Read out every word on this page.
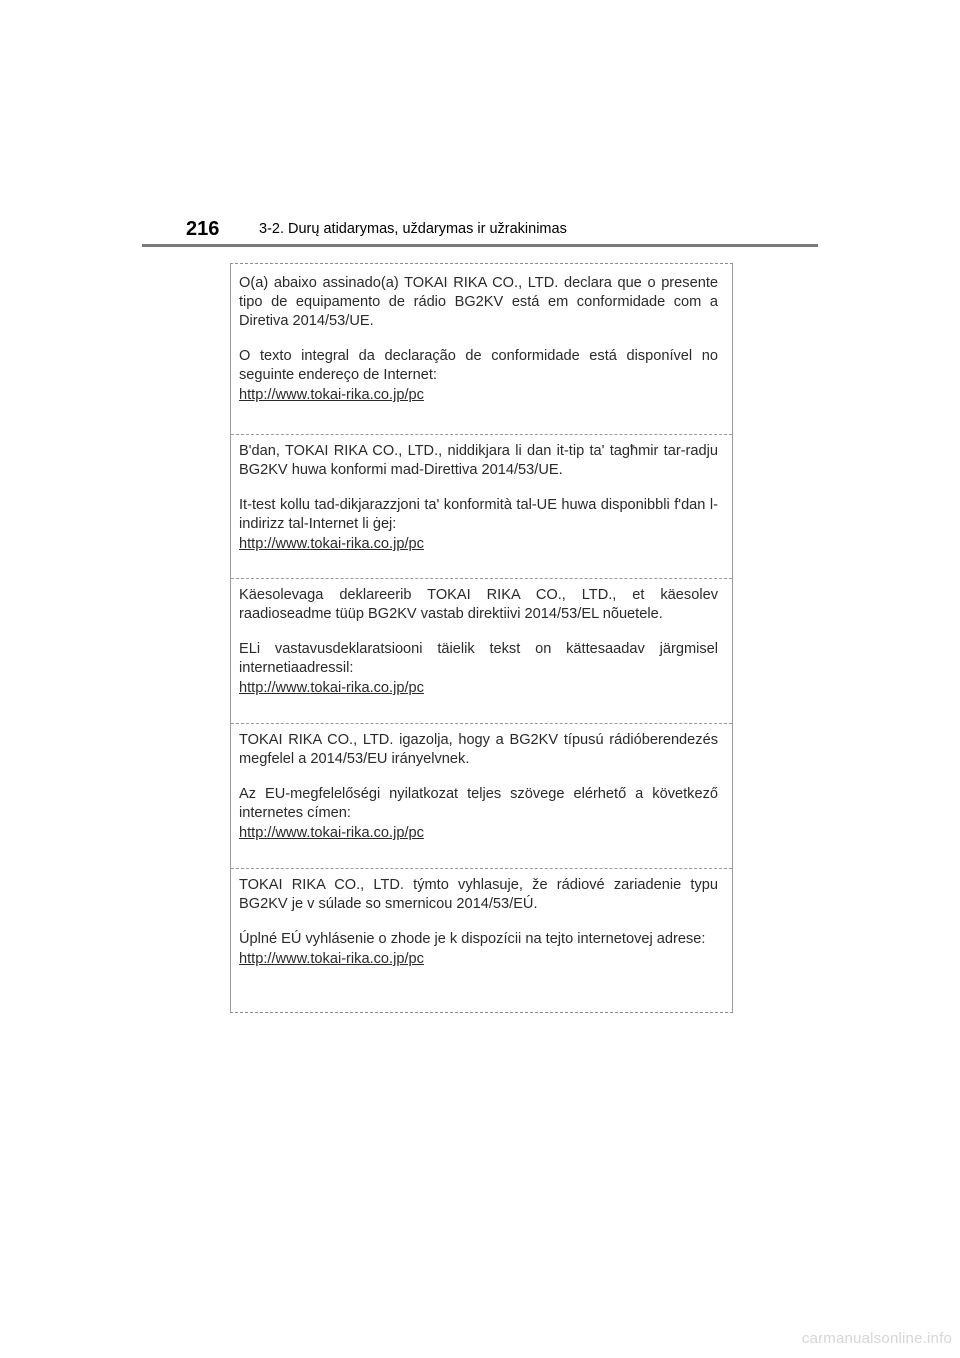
216	3-2. Durų atidarymas, uždarymas ir užrakinimas

O(a) abaixo assinado(a) TOKAI RIKA CO., LTD. declara que o presente tipo de equipamento de rádio BG2KV está em conformidade com a Diretiva 2014/53/UE.

O texto integral da declaração de conformidade está disponível no seguinte endereço de Internet:

http://www.tokai-rika.co.jp/pc

B'dan, TOKAI RIKA CO., LTD., niddikjara li dan it-tip ta' tagħmir tar-radju BG2KV huwa konformi mad-Direttiva 2014/53/UE.

It-test kollu tad-dikjarazzjoni ta' konformità tal-UE huwa disponibbli f'dan l-indirizz tal-Internet li ġej:

http://www.tokai-rika.co.jp/pc

Käesolevaga deklareerib TOKAI RIKA CO., LTD., et käesolev raadioseadme tüüp BG2KV vastab direktiivi 2014/53/EL nõuetele.

ELi vastavusdeklaratsiooni täielik tekst on kättesaadav järgmisel internetiaadressil:

http://www.tokai-rika.co.jp/pc

TOKAI RIKA CO., LTD. igazolja, hogy a BG2KV típusú rádióberendezés megfelel a 2014/53/EU irányelvnek.

Az EU-megfelelőségi nyilatkozat teljes szövege elérhető a következő internetes címen:

http://www.tokai-rika.co.jp/pc

TOKAI RIKA CO., LTD. týmto vyhlasuje, že rádiové zariadenie typu BG2KV je v súlade so smernicou 2014/53/EÚ.

Úplné EÚ vyhlásenie o zhode je k dispozícii na tejto internetovej adrese:

http://www.tokai-rika.co.jp/pc
carmanualsonline.info
